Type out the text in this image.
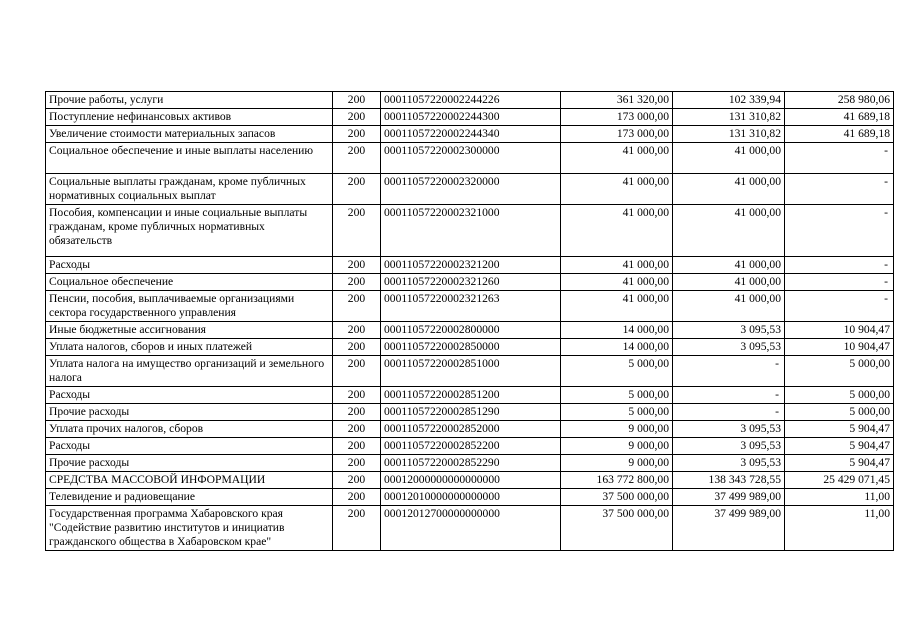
Прочие работы, услуги	200	00011057220002244226	361 320,00	102 339,94	258 980,06
Поступление нефинансовых активов	200	00011057220002244300	173 000,00	131 310,82	41 689,18
Увеличение стоимости материальных запасов	200	00011057220002244340	173 000,00	131 310,82	41 689,18
Социальное обеспечение и иные выплаты населению	200	00011057220002300000	41 000,00	41 000,00	-
Социальные выплаты гражданам, кроме публичных нормативных социальных выплат	200	00011057220002320000	41 000,00	41 000,00	-
Пособия, компенсации и иные социальные выплаты гражданам, кроме публичных нормативных обязательств	200	00011057220002321000	41 000,00	41 000,00	-
Расходы	200	00011057220002321200	41 000,00	41 000,00	-
Социальное обеспечение	200	00011057220002321260	41 000,00	41 000,00	-
Пенсии, пособия, выплачиваемые организациями сектора государственного управления	200	00011057220002321263	41 000,00	41 000,00	-
Иные бюджетные ассигнования	200	00011057220002800000	14 000,00	3 095,53	10 904,47
Уплата налогов, сборов и иных платежей	200	00011057220002850000	14 000,00	3 095,53	10 904,47
Уплата налога на имущество организаций и земельного налога	200	00011057220002851000	5 000,00	-	5 000,00
Расходы	200	00011057220002851200	5 000,00	-	5 000,00
Прочие расходы	200	00011057220002851290	5 000,00	-	5 000,00
Уплата прочих налогов, сборов	200	00011057220002852000	9 000,00	3 095,53	5 904,47
Расходы	200	00011057220002852200	9 000,00	3 095,53	5 904,47
Прочие расходы	200	00011057220002852290	9 000,00	3 095,53	5 904,47
СРЕДСТВА МАССОВОЙ ИНФОРМАЦИИ	200	00012000000000000000	163 772 800,00	138 343 728,55	25 429 071,45
Телевидение и радиовещание	200	00012010000000000000	37 500 000,00	37 499 989,00	11,00
Государственная программа Хабаровского края "Содействие развитию институтов и инициатив гражданского общества в Хабаровском крае"	200	00012012700000000000	37 500 000,00	37 499 989,00	11,00
